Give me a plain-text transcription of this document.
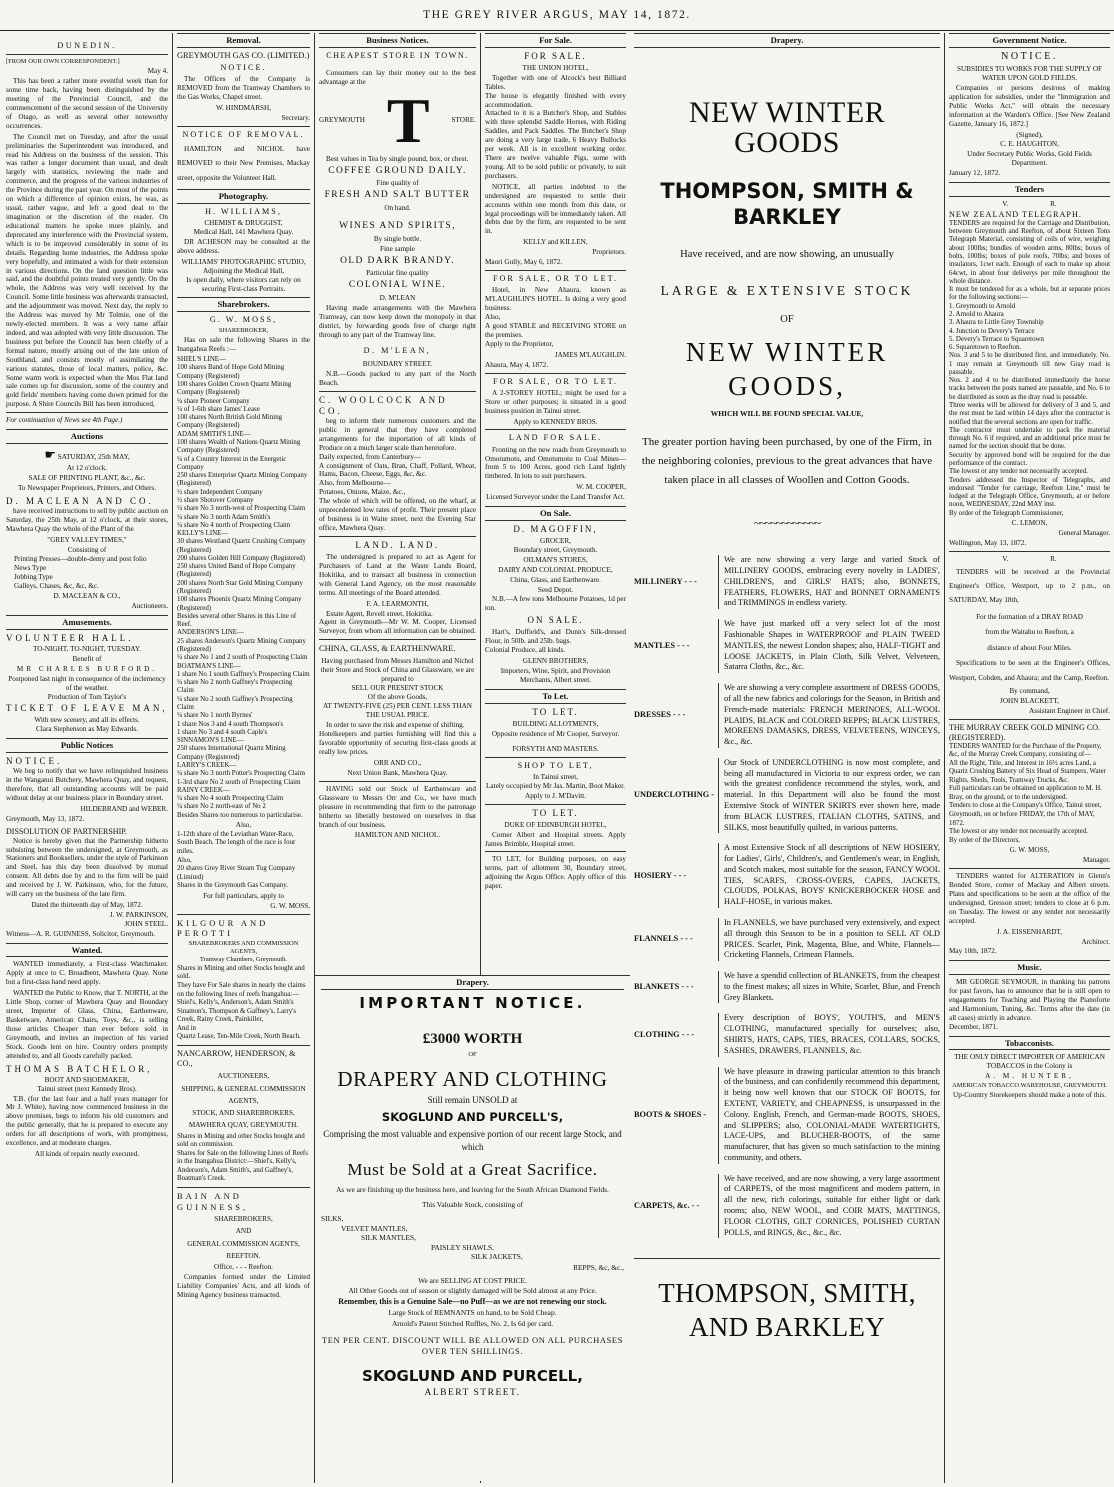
THE GREY RIVER ARGUS, MAY 14, 1872.
DUNEDIN.
[FROM OUR OWN CORRESPONDENT.]
May 4.

This has been a rather more eventful week than for some time back, having been distinguished by the meeting of the Provincial Council, and the commencement of the second session of the University of Otago, as well as several other noteworthy occurrences.

The Council met on Tuesday, and after the usual preliminaries the Superintendent was introduced, and read his Address on the business of the session. This was rather a longer document than usual, and dealt largely with statistics, reviewing the trade and commerce, and the progress of the various industries of the Province during the past year. On most of the points on which a difference of opinion exists, he was, as usual, rather vague, and left a good deal to the imagination or the discretion of the reader. On educational matters he spoke more plainly, and deprecated any interference with the Provincial system, which is to be improved considerably in some of its details. Regarding home industries, the Address spoke very hopefully, and intimated a wish for their extension in various directions. On the land question little was said, and the doubtful points treated very gently. On the whole, the Address was very well received by the Council. Some little business was afterwards transacted, and the adjournment was moved. Next day, the reply to the Address was moved by Mr Tolmie, one of the newly-elected members. It was a very tame affair indeed, and was adopted with very little discussion. The business put before the Council has been chiefly of a formal nature, mostly arising out of the late union of Southland, and consists mostly of assimilating the various statutes, those of local matters, police, &c. Some warm work is expected when the Mos Flat land sale comes up for discussion, some of the country and gold fields' members having come down primed for the purpose. A Shire Councils Bill has been introduced,

For continuation of News see 4th Page.)
Auctions
☛ SATURDAY, 25th MAY,
At 12 o'clock.
SALE OF PRINTING PLANT, &c., &c.
To Newspaper Proprietors, Printers, and Others.
D. MACLEAN AND CO.

have received instructions to sell by public auction on Saturday, the 25th May, at 12 o'clock, at their stores, Mawhera Quay the whole of the Plant of the

"GREY VALLEY TIMES,"
Consisting of
Printing Presses—double-demy and post folio
News Type
Jobbing Type
Galleys, Chases, &c, &c, &c.
D. MACLEAN & CO.,
Auctioneers.
Amusements.
VOLUNTEER HALL.
TO-NIGHT, TO-NIGHT, TUESDAY.
Benefit of
MR CHARLES BURFORD.
Postponed last night in consequence of the inclemency of the weather.
Production of Tom Taylor's
TICKET OF LEAVE MAN,
With new scenery, and all its effects.
Clara Stephenson as May Edwards.
Public Notices
NOTICE.

We beg to notify that we have relinquished business in the Wanganui Butchery, Mawhera Quay, and request, therefore, that all outstanding accounts will be paid without delay at our business place in Boundary street.

HILDEBRAND and WEBER.
Greymouth, May 13, 1872.
DISSOLUTION OF PARTNERSHIP.

Notice is hereby given that the Partnership hitherto subsisting between the undersigned, at Greymouth, as Stationers and Booksellers, under the style of Parkinson and Steel, has this day been dissolved by mutual consent. All debts due by and to the firm will be paid and received by J. W. Parkinson, who, for the future, will carry on the business of the late firm.

Dated the thirteenth day of May, 1872.
J. W. PARKINSON,
JOHN STEEL.
Witness—A. R. GUINNESS, Solicitor, Greymouth.
Wanted.

WANTED immediately, a First-class Watchmaker. Apply at once to C. Broadbent, Mawhera Quay. None but a first-class hand need apply.

WANTED the Public to Know, that T. NORTH, at the Little Shop, corner of Mawhera Quay and Boundary street, Importer of Glass, China, Earthenware, Basketware, American Chairs, Toys, &c., is selling those articles Cheaper than ever before sold in Greymouth, and invites an inspection of his varied Stock. Goods lent on hire. Country orders promptly attended to, and all Goods carefully packed.

THOMAS BATCHELOR,
BOOT AND SHOEMAKER,
Tainui street (next Kennedy Bros).

T.B. (for the last four and a half years manager for Mr J. White), having now commenced business in the above premises, begs to inform his old customers and the public generally, that he is prepared to execute any orders for all descriptions of work, with promptness, excellence, and at moderate charges.

All kinds of repairs neatly executed.
Removal.
GREYMOUTH GAS CO. (LIMITED.)
NOTICE.

The Offices of the Company is REMOVED from the Tramway Chambers to the Gas Works, Chapel street.

W. HINDMARSH,
Secretary.
NOTICE OF REMOVAL.

HAMILTON and NICHOL have REMOVED to their New Premises, Mackay street, opposite the Volunteer Hall.

Photography.
H. WILLIAMS,
CHEMIST & DRUGGIST,
Medical Hall, 141 Mawhera Quay.

DR ACHESON may be consulted at the above address.

WILLIAMS' PHOTOGRAPHIC STUDIO, Adjoining the Medical Hall,
Is open daily, where visitors can rely on securing First-class Portraits.
Sharebrokers.
G. W. MOSS,
SHAREBROKER,

Has on sale the following Shares in the Inangahua Reefs :—

SHIEL'S LINE—
100 shares Band of Hope Gold Mining Company (Registered)
100 shares Golden Crown Quartz Mining Company (Registered)
¼ share Pioneer Company
¼ of 1-6th share James' Lease
100 shares North British Gold Mining Company (Registered)
ADAM SMITH'S LINE—
100 shares Wealth of Nations Quartz Mining Company (Registered)
¼ of a Country Interest in the Energetic Company
250 shares Enterprise Quartz Mining Company (Registered)
½ share Independent Company
½ share Shotover Company
¼ share No 3 north-west of Prospecting Claim
¼ share No 3 north Adam Smith's
¼ share No 4 north of Prospecting Claim
KELLY'S LINE—
30 shares Westland Quartz Crushing Company (Registered)
200 shares Golden Hill Company (Registered)
250 shares United Band of Hope Company (Registered)
200 shares North Star Gold Mining Company (Registered)
100 shares Phoenix Quartz Mining Company (Registered)
Besides several other Shares in this Line of Reef.
ANDERSON'S LINE—
25 shares Anderson's Quartz Mining Company (Registered)
¼ share No 1 and 2 south of Prospecting Claim
BOATMAN'S LINE—
1 share No 1 south Gaffney's Prospecting Claim
¼ share No 2 north Gaffney's Prospecting Claim
¼ share No 2 south Gaffney's Prospecting Claim
¼ share No 1 north Byrnes'
1 share Nos 3 and 4 south Thompson's
1 share No 3 and 4 south Caple's
SINNAMON'S LINE—
250 shares International Quartz Mining Company (Registered)
LARRY'S CREEK—
¼ share No 3 north Potter's Prospecting Claim
1-3rd share No 2 south of Prospecting Claim
RAINY CREEK—
¼ share No 4 south Prospecting Claim
¼ share No 2 north-east of No 2
Besides Shares too numerous to particularise.
Also,
1-12th share of the Leviathan Water-Race, South Beach. The length of the race is four miles.
Also,
20 shares Grey River Steam Tug Company (Limited)
Shares in the Greymouth Gas Company.
For full particulars, apply to
G. W. MOSS,
KILGOUR AND PEROTTI
SHAREBROKERS AND COMMISSION AGENTS,
Tramway Chambers, Greymouth.
Shares in Mining and other Stocks bought and sold.
They have For Sale shares in nearly the claims on the following lines of reefs Inangahua:—
Shiel's, Kelly's, Anderson's, Adam Smith's Sinamon's, Thompson & Gaffney's, Larry's Creek, Rainy Creek, Painkiller,
And in
Quartz Lease, Ten-Mile Creek, North Beach.
NANCARROW, HENDERSON, & CO.,
AUCTIONEERS,
SHIPPING, & GENERAL COMMISSION AGENTS,
STOCK, AND SHAREBROKERS,
MAWHERA QUAY, GREYMOUTH.
Shares in Mining and other Stocks bought and sold on commission.
Shares for Sale on the following Lines of Reefs in the Inangahua District:—Shiel's, Kelly's, Anderson's, Adam Smith's, and Gaffney's, Boatman's Creek.
BAIN AND GUINNESS,
SHAREBROKERS,
AND
GENERAL COMMISSION AGENTS,
REEFTON.
Office, - - - Reefton.

Companies formed under the Limited Liability Companies' Acts, and all kinds of Mining Agency business transacted.

Business Notices.
CHEAPEST STORE IN TOWN.

Consumers can lay their money out to the best advantage at the

GREYMOUTH T	STORE.

Best values in Tea by single pound, box, or chest.

COFFEE GROUND DAILY.
Fine quality of
FRESH AND SALT BUTTER
On hand.
WINES AND SPIRITS,
By single bottle.
Fine sample
OLD DARK BRANDY.
Particular fine quality
COLONIAL WINE.
D. M'LEAN

Having made arrangements with the Mawhera Tramway, can now keep down the monopoly in that district, by forwarding goods free of charge right through to any part of the Tramway line.

D. M'LEAN,
BOUNDARY STREET.

N.B.—Goods packed to any part of the North Beach.

C. WOOLCOCK AND CO.

beg to inform their numerous customers and the public in general that they have completed arrangements for the importation of all kinds of Produce on a much larger scale than heretofore.
Daily expected, from Canterbury—
A consignment of Oats, Bran, Chaff, Pollard, Wheat, Hams, Bacon, Cheese, Eggs, &c, &c.
Also, from Melbourne—
Potatoes, Onions, Maize, &c.,
The whole of which will be offered, on the wharf, at unprecedented low rates of profit. Their present place of business is in Waite street, next the Evening Star office, Mawhera Quay.

LAND. LAND.

The undersigned is prepared to act as Agent for Purchasers of Land at the Waste Lands Board, Hokitika, and to transact all business in connection with General Land Agency, on the most reasonable terms. All meetings of the Board attended.

F. A. LEARMONTH,

Estate Agent, Revell street, Hokitika.
Agent in Greymouth—Mr W. M. Cooper, Licensed Surveyor, from whom all information can be obtained.

CHINA, GLASS, & EARTHENWARE.
Having purchased from Messrs Hamilton and Nichol their Store and Stock of China and Glassware, we are prepared to
SELL OUR PRESENT STOCK
Of the above Goods,
AT TWENTY-FIVE (25) PER CENT. LESS THAN THE USUAL PRICE.

In order to save the risk and expense of shifting.
Hotelkeepers and parties furnishing will find this a favorable opportunity of securing first-class goods at really low prices.

ORR AND CO.,
Next Union Bank, Mawhera Quay.

HAVING sold our Stock of Earthenware and Glassware to Messrs Orr and Co., we have much pleasure in recommending that firm to the patronage hitherto so liberally bestowed on ourselves in that branch of our business.

HAMILTON AND NICHOL.
For Sale.
FOR SALE.
THE UNION HOTEL,

Together with one of Alcock's best Billiard Tables.
The house is elegantly finished with every accommodation.
Attached to it is a Butcher's Shop, and Stables with three splendid Saddle Horses, with Riding Saddles, and Pack Saddles. The Butcher's Shop are doing a very large trade, 6 Heavy Bullocks per week. All is in excellent working order. There are twelve valuable Pigs, some with young. All to be sold public or privately, to suit purchasers.

NOTICE, all parties indebted to the undersigned are requested to settle their accounts within one month from this date, or legal proceedings will be immediately taken. All debts due by the firm, are requested to be sent in.

KELLY and KILLEN,
Proprietors.
Maori Gully, May 6, 1872.
FOR SALE, OR TO LET.

Hotel, in New Ahaura, known as M'LAUGHLIN'S HOTEL. Is doing a very good business.
Also,
A good STABLE and RECEIVING STORE on the premises.
Apply to the Proprietor,

JAMES M'LAUGHLIN.
Ahaura, May 4, 1872.
FOR SALE, OR TO LET.

A 2-STOREY HOTEL; might be used for a Store or other purposes; is situated in a good business position in Tainui street.

Apply to KENNEDY BROS.
LAND FOR SALE.

Fronting on the new roads from Greymouth to Omotumotu, and Omotumotu to Coal Mines—from 5 to 100 Acres, good rich Land lightly timbered. In lots to suit purchasers.

W. M. COOPER,
Licensed Surveyor under the Land Transfer Act.
On Sale.
D. MAGOFFIN,
GROCER,
Boundary street, Greymouth.
OILMAN'S STORES,
DAIRY AND COLONIAL PRODUCE,
China, Glass, and Earthenware.
Seed Depot.

N.B.—A few tons Melbourne Potatoes, 1d per ton.

ON SALE.

Hart's, Duffield's, and Dunn's Silk-dressed Flour, in 50lb. and 25lb. bags.
Colonial Produce, all kinds.

GLENN BROTHERS,
Importers, Wine, Spirit, and Provision Merchants, Albert street.
To Let.
TO LET.
BUILDING ALLOTMENTS,
Opposite residence of Mr Cooper, Surveyor.
FORSYTH AND MASTERS.
SHOP TO LET,
In Tainui street,
Lately occupied by Mr Jas. Martin, Boot Maker.
Apply to J. M'Davitt.
TO LET.
DUKE OF EDINBURGH HOTEL,

Corner Albert and Hospital streets. Apply James Brimble, Hospital street.

TO LET, for Building purposes, on easy terms, part of allotment 30, Boundary street, adjoining the Argus Office. Apply office of this paper.

Drapery.
IMPORTANT NOTICE.
£3000 WORTH
OF
DRAPERY AND CLOTHING
Still remain UNSOLD at
SKOGLUND AND PURCELL'S,
Comprising the most valuable and expensive portion of our recent large Stock, and which
Must be Sold at a Great Sacrifice.
As we are finishing up the business here, and leaving for the South African Diamond Fields.
This Valuable Stock, consisting of
SILKS,
VELVET MANTLES,
SILK MANTLES,
PAISLEY SHAWLS,
SILK JACKETS,
REPPS, &c, &c.,
We are SELLING AT COST PRICE.
All Other Goods out of season or slightly damaged will be Sold almost at any Price.
Remember, this is a Genuine Sale—no Puff—as we are not renewing our stock.
Large Stock of REMNANTS on hand, to be Sold Cheap.
Arnold's Patent Stitched Ruffles, No. 2, Is 6d per card.
TEN PER CENT. DISCOUNT WILL BE ALLOWED ON ALL PURCHASES OVER TEN SHILLINGS.
SKOGLUND AND PURCELL,
ALBERT STREET.
Drapery.
NEW WINTER GOODS
THOMPSON, SMITH & BARKLEY
Have received, and are now showing, an unusually
LARGE & EXTENSIVE STOCK
OF
NEW WINTER GOODS,
WHICH WILL BE FOUND SPECIAL VALUE,
The greater portion having been purchased, by one of the Firm, in the neighboring colonies, previous to the great advances that have taken place in all classes of Woollen and Cotton Goods.
~~~~~~~~~~~~
MILLINERY - - -
We are now showing a very large and varied Stock of MILLINERY GOODS, embracing every novelty in LADIES', CHILDREN'S, and GIRLS' HATS; also, BONNETS, FEATHERS, FLOWERS, HAT and BONNET ORNAMENTS and TRIMMINGS in endless variety.
MANTLES - - -
We have just marked off a very select lot of the most Fashionable Shapes in WATERPROOF and PLAIN TWEED MANTLES, the newest London shapes; also, HALF-TIGHT and LOOSE JACKETS, in Plain Cloth, Silk Velvet, Velveteen, Satarra Cloths, &c., &c.
DRESSES - - -
We are showing a very complete assortment of DRESS GOODS, of all the new fabrics and colorings for the Season, in British and French-made materials: FRENCH MERINOES, ALL-WOOL PLAIDS, BLACK and COLORED REPPS; BLACK LUSTRES, MOREENS DAMASKS, DRESS, VELVETEENS, WINCEYS, &c., &c.
UNDERCLOTHING -
Our Stock of UNDERCLOTHING is now most complete, and being all manufactured in Victoria to our express order, we can with the greatest confidence recommend the styles, work, and material. In this Department will also be found the most Extensive Stock of WINTER SKIRTS ever shown here, made from BLACK LUSTRES, ITALIAN CLOTHS, SATINS, and SILKS, most beautifully quilted, in various patterns.
HOSIERY - - -
A most Extensive Stock of all descriptions of NEW HOSIERY, for Ladies', Girls', Children's, and Gentlemen's wear, in English, and Scotch makes, most suitable for the season, FANCY WOOL TIES, SCARFS, CROSS-OVERS, CAPES, JACKETS, CLOUDS, POLKAS, BOYS' KNICKERBOCKER HOSE and HALF-HOSE, in various makes.
FLANNELS - - -
In FLANNELS, we have purchased very extensively, and expect all through this Season to be in a position to SELL AT OLD PRICES. Scarlet, Pink, Magenta, Blue, and White, Flannels—Cricketing Flannels, Crimean Flannels.
BLANKETS - - -
We have a spendid collection of BLANKETS, from the cheapest to the finest makes; all sizes in White, Scarlet, Blue, and French Grey Blankets.
CLOTHING - - -
Every description of BOYS', YOUTH'S, and MEN'S CLOTHING, manufactured specially for ourselves; also, SHIRTS, HATS, CAPS, TIES, BRACES, COLLARS, SOCKS, SASHES, DRAWERS, FLANNELS, &c.
BOOTS & SHOES -
We have pleasure in drawing particular attention to this branch of the business, and can confidently recommend this department, it being now well known that our STOCK OF BOOTS, for EXTENT, VARIETY, and CHEAPNESS, is unsurpassed in the Colony. English, French, and German-made BOOTS, SHOES, and SLIPPERS; also, COLONIAL-MADE WATERTIGHTS, LACE-UPS, and BLUCHER-BOOTS, of the same manufacturer, that has given so much satisfaction to the mining community, and others.
CARPETS, &c. - -
We have received, and are now showing, a very large assortment of CARPETS, of the most magnificent and modern pattern, in all the new, rich colorings, suitable for either light or dark rooms; also, NEW WOOL, and COIR MATS, MATTINGS, FLOOR CLOTHS, GILT CORNICES, POLISHED CURTAN POLLS, and RINGS, &c., &c., &c.
THOMPSON, SMITH, AND BARKLEY
Government Notice.
NOTICE.
SUBSIDIES TO WORKS FOR THE SUPPLY OF WATER UPON GOLD FIELDS.

Companies or persons desirous of making application for subsidies, under the "Immigration and Public Works Act," will obtain the necessary information at the Warden's Office. [See New Zealand Gazette, January 16, 1872.]

(Signed),
C. E. HAUGHTON,
Under Secretary Public Works, Gold Fields Department.
January 12, 1872.
Tenders
V. R.
NEW ZEALAND TELEGRAPH.
TENDERS are required for the Carriage and Distribution, between Greymouth and Reefton, of about Sixteen Tons Telegraph Material, consisting of coils of wire, weighing about 100lbs; bundles of wooden arms, 80lbs; boxes of bolts, 100lbs; boxes of pole roofs, 70lbs; and boxes of insulators, 1cwt each. Enough of each to make up about 64cwt, in about four deliverys per mile throughout the whole distance.
It must be tendered for as a whole, but at separate prices for the following sections:—
1. Greymouth to Arnold
2. Arnold to Ahaura
3. Ahaura to Little Grey Township
4. Junction to Devery's Terrace
5. Devery's Terrace to Squaretown
6. Squaretown to Reefton.
Nos. 3 and 5 to be distributed first, and immediately. No. 1 may remain at Greymouth till new Gray road is passable.
Nos. 2 and 4 to be distributed immediately the horse tracks between the posts named are passable, and No. 6 to be distributed as soon as the dray road is passable.
Three weeks will be allowed for delivery of 3 and 5, and the rest must be laid within 14 days after the contractor is notified that the several sections are open for traffic.
The contractor must undertake to pack the material through No. 6 if required, and an additional price must be named for the section should that be done.
Security by approved bond will be required for the due performance of the contract.
The lowest or any tender not necessarily accepted.
Tenders addressed the Inspector of Telegraphs, and endorsed "Tender for carriage, Reefton Line," must be lodged at the Telegraph Office, Greymouth, at or before noon, WEDNESDAY, 22nd MAY inst.
By order of the Telegraph Commissioner,
C. LEMON,
General Manager.
Wellington, May 13, 1872.
V. R.

TENDERS will be received at the Provincial Engineer's Office, Westport, up to 2 p.m., on SATURDAY, May 18th,

For the formation of a DRAY ROAD
from the Waitahu to Reefton, a
distance of about Four Miles.

Specifications to be seen at the Engineer's Offices, Westport, Cobden, and Ahaura; and the Camp, Reefton.

By command,
JOHN BLACKETT,
Assistant Engineer in Chief.
THE MURRAY CREEK GOLD MINING CO. (REGISTERED).
TENDERS WANTED for the Purchase of the Property, &c, of the Murray Creek Company, consisting of—
All the Right, Title, and Interest in 16½ acres Land, a Quartz Crushing Battery of Six Head of Stampers, Water Rights, Sheds, Tools, Tramway Trucks, &c.
Full particulars can be obtained on application to M. H. Bray, on the ground, or to the undersigned.
Tenders to close at the Company's Office, Tainui street, Greymouth, on or before FRIDAY, the 17th of MAY, 1872.
The lowest or any tender not necessarily accepted.
By order of the Directors,
G. W. MOSS,
Manager.

TENDERS wanted for ALTERATION in Glenn's Bonded Store, corner of Mackay and Albert streets. Plans and specifications to be seen at the office of the undersigned, Gresson street; tenders to close at 6 p.m. on Tuesday. The lowest or any tender not necessarily accepted.

J. A. EISSENHARDT,
Architect.
May 10th, 1872.
Music.

MR GEORGE SEYMOUR, in thanking his patrons for past favors, has to announce that he is still open to engagements for Teaching and Playing the Pianoforte and Harmonium, Tuning, &c. Terms after the date (in all cases) strictly in advance.
December, 1871.

Tobacconists.
THE ONLY DIRECT IMPORTER OF AMERICAN TOBACCOS in the Colony is
A. M. HUNTER,
AMERICAN TOBACCO WAREHOUSE, GREYMOUTH.
Up-Country Storekeepers should make a note of this.
